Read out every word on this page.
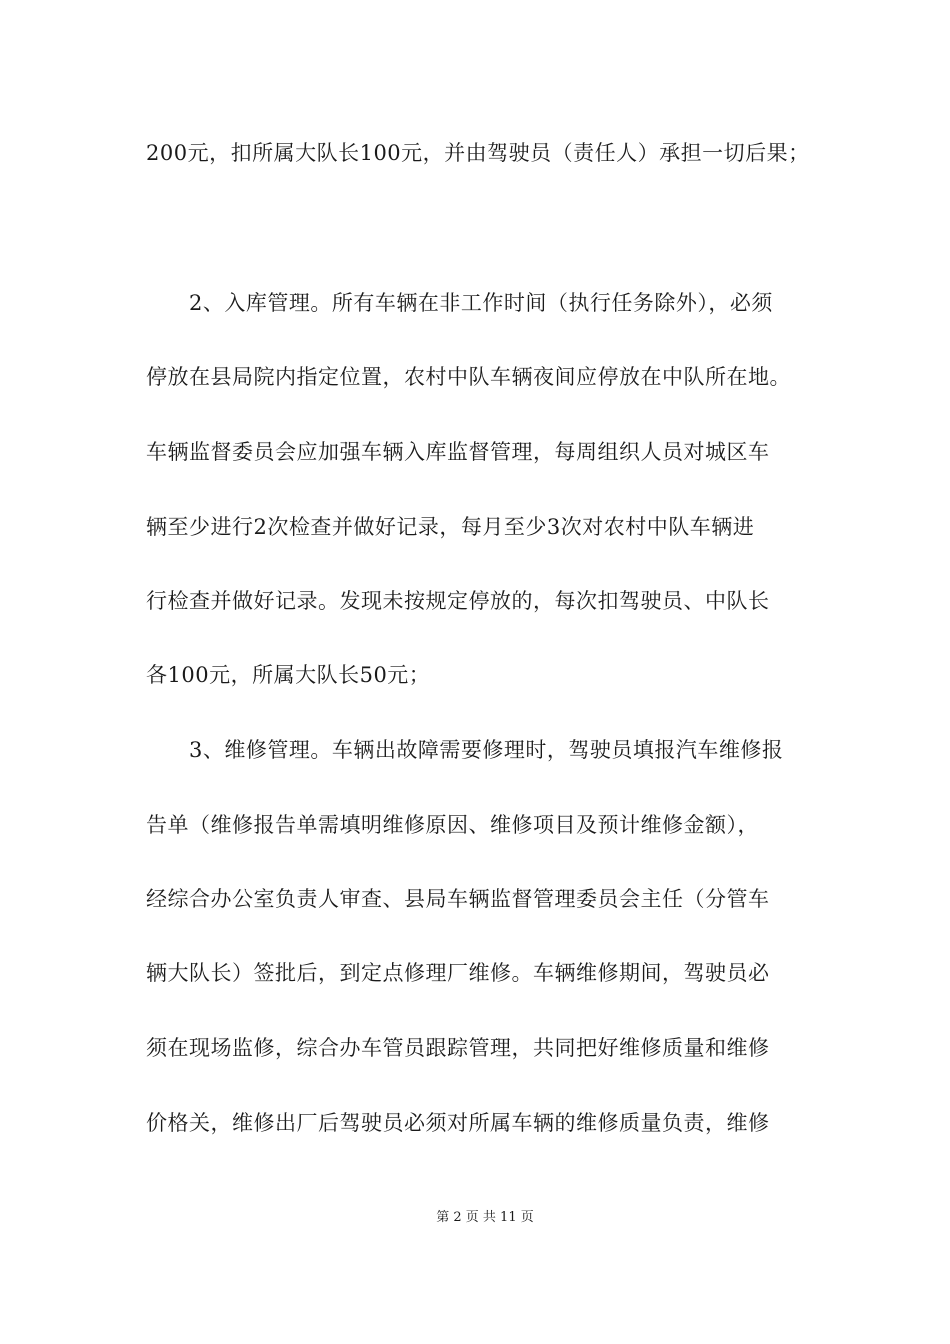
200元，扣所属大队长100元，并由驾驶员（责任人）承担一切后果；
2、入库管理。所有车辆在非工作时间（执行任务除外），必须
停放在县局院内指定位置，农村中队车辆夜间应停放在中队所在地。
车辆监督委员会应加强车辆入库监督管理，每周组织人员对城区车
辆至少进行2次检查并做好记录，每月至少3次对农村中队车辆进
行检查并做好记录。发现未按规定停放的，每次扣驾驶员、中队长
各100元，所属大队长50元；
3、维修管理。车辆出故障需要修理时，驾驶员填报汽车维修报
告单（维修报告单需填明维修原因、维修项目及预计维修金额），
经综合办公室负责人审查、县局车辆监督管理委员会主任（分管车
辆大队长）签批后，到定点修理厂维修。车辆维修期间，驾驶员必
须在现场监修，综合办车管员跟踪管理，共同把好维修质量和维修
价格关，维修出厂后驾驶员必须对所属车辆的维修质量负责，维修
第 2 页 共 11 页
